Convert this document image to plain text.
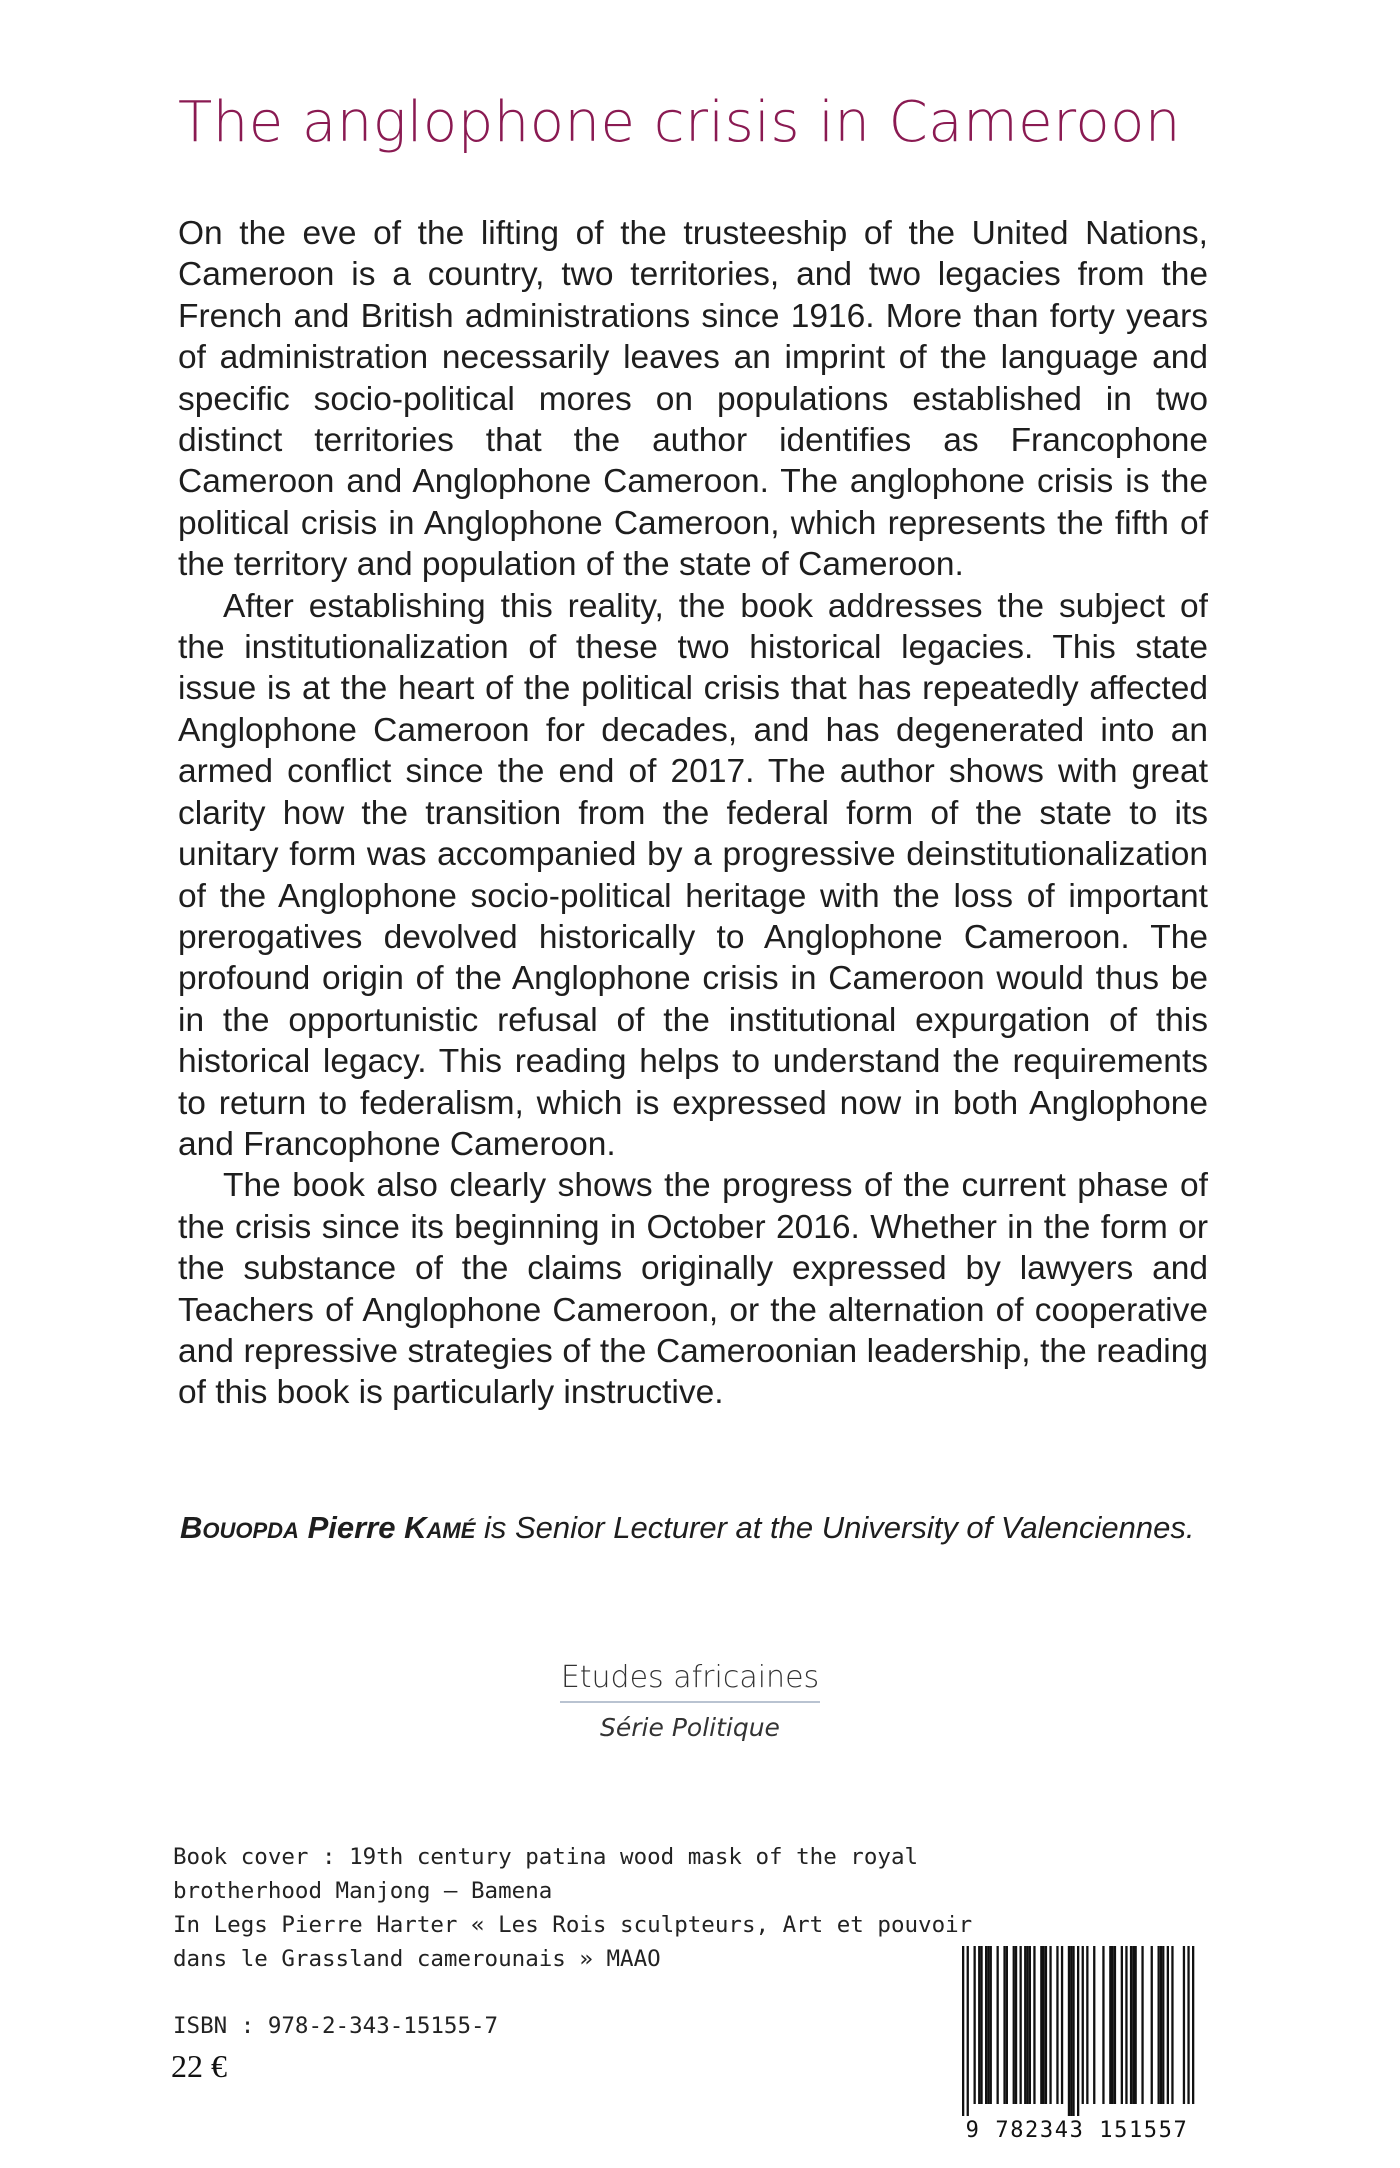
The anglophone crisis in Cameroon

On the eve of the lifting of the trusteeship of the United Nations, Cameroon is a country, two territories, and two legacies from the French and British administrations since 1916. More than forty years of administration necessarily leaves an imprint of the language and specific socio-political mores on populations established in two distinct territories that the author identifies as Francophone Cameroon and Anglophone Cameroon. The anglophone crisis is the political crisis in Anglophone Cameroon, which represents the fifth of the territory and population of the state of Cameroon.

After establishing this reality, the book addresses the subject of the institutionalization of these two historical legacies. This state issue is at the heart of the political crisis that has repeatedly affected Anglophone Cameroon for decades, and has degenerated into an armed conflict since the end of 2017. The author shows with great clarity how the transition from the federal form of the state to its unitary form was accompanied by a progressive deinstitutionalization of the Anglophone socio-political heritage with the loss of important prerogatives devolved historically to Anglophone Cameroon. The profound origin of the Anglophone crisis in Cameroon would thus be in the opportunistic refusal of the institutional expurgation of this historical legacy. This reading helps to understand the requirements to return to federalism, which is expressed now in both Anglophone and Francophone Cameroon.

The book also clearly shows the progress of the current phase of the crisis since its beginning in October 2016. Whether in the form or the substance of the claims originally expressed by lawyers and Teachers of Anglophone Cameroon, or the alternation of cooperative and repressive strategies of the Cameroonian leadership, the reading of this book is particularly instructive.

Bouopda Pierre Kamé is Senior Lecturer at the University of Valenciennes.

Etudes africaines
Série Politique
Book cover : 19th century patina wood mask of the royal
brotherhood Manjong – Bamena
In Legs Pierre Harter « Les Rois sculpteurs, Art et pouvoir
dans le Grassland camerounais » MAAO
ISBN : 978-2-343-15155-7
22 €
9 782343 151557
